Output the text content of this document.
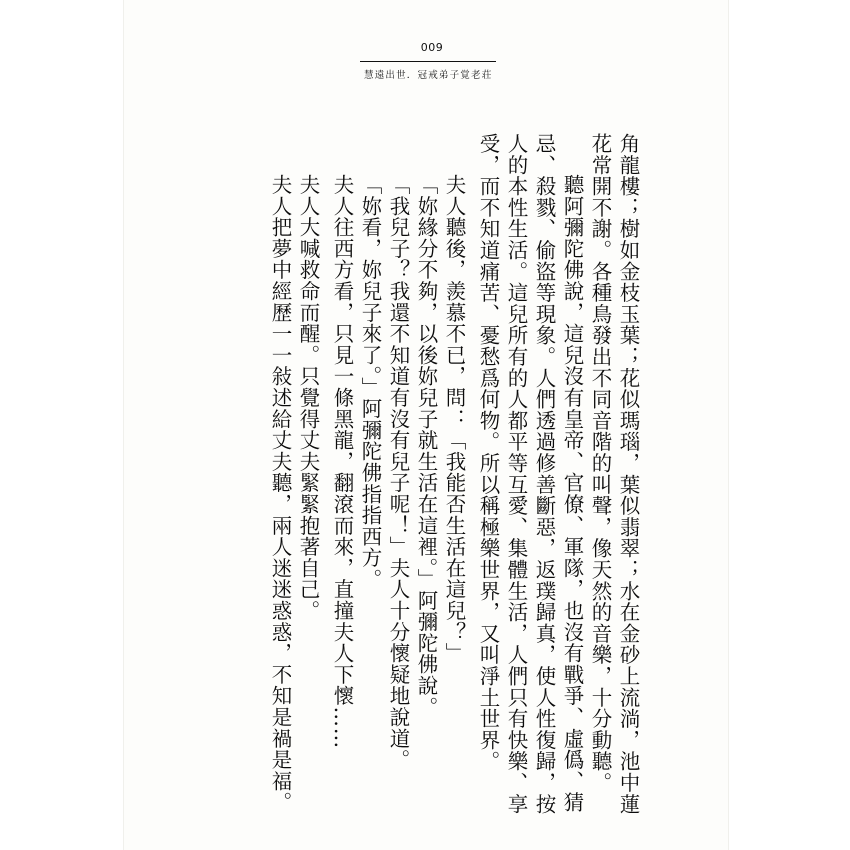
009
慧遠出世．冠戒弟子覚老荘

角龍樓；樹如金枝玉葉；花似瑪瑙，葉似翡翠；水在金砂上流淌，池中蓮花常開不謝。各種鳥發出不同音階的叫聲，像天然的音樂，十分動聽。

聽阿彌陀佛說，這兒沒有皇帝、官僚、軍隊，也沒有戰爭、虛僞、猜忌、殺戮、偷盜等現象。人們透過修善斷惡，返璞歸真，使人性復歸，按人的本性生活。這兒所有的人都平等互愛、集體生活，人們只有快樂、享受，而不知道痛苦、憂愁爲何物。所以稱極樂世界，又叫淨土世界。

夫人聽後，羨慕不已，問：「我能否生活在這兒？」

「妳緣分不夠，以後妳兒子就生活在這裡。」阿彌陀佛說。

「我兒子？我還不知道有沒有兒子呢！」夫人十分懷疑地說道。

「妳看，妳兒子來了。」阿彌陀佛指指西方。

夫人往西方看，只見一條黑龍，翻滾而來，直撞夫人下懷……

夫人大喊救命而醒。只覺得丈夫緊緊抱著自己。

夫人把夢中經歷一一敍述給丈夫聽，兩人迷迷惑惑，不知是禍是福。
